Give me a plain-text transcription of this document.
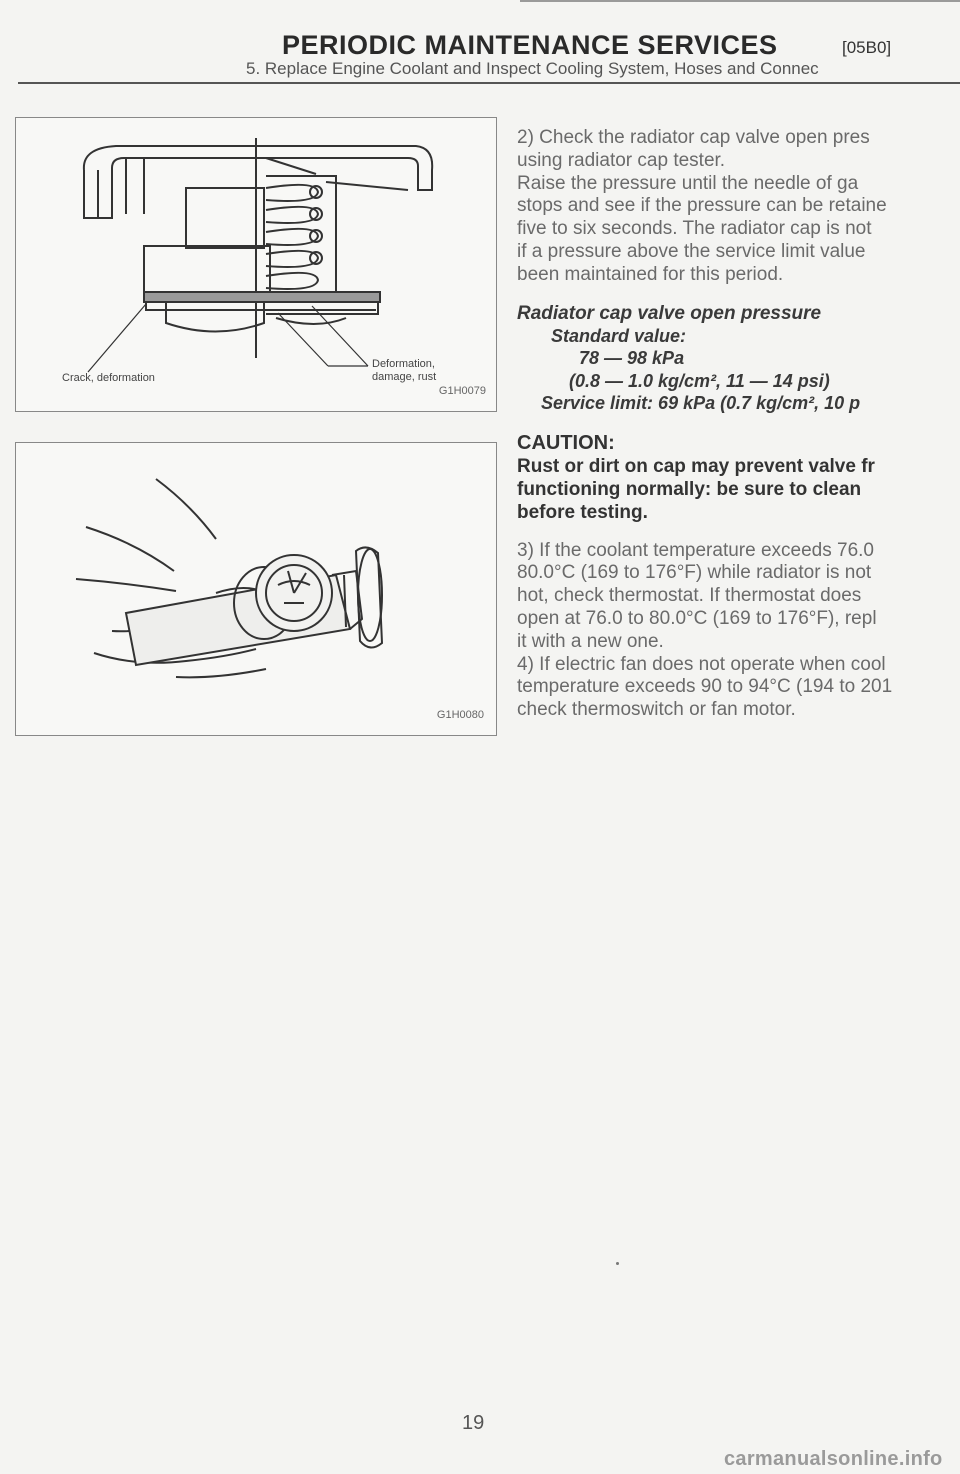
PERIODIC MAINTENANCE SERVICES	[05B0]
5. Replace Engine Coolant and Inspect Cooling System, Hoses and Connec
Crack, deformation
Deformation,
damage, rust
G1H0079
G1H0080

2) Check the radiator cap valve open pres

using radiator cap tester.

Raise the pressure until the needle of ga

stops and see if the pressure can be retaine

five to six seconds. The radiator cap is not

if a pressure above the service limit value

been maintained for this period.

Radiator cap valve open pressure

Standard value:

78 — 98 kPa

(0.8 — 1.0 kg/cm², 11 — 14 psi)

Service limit: 69 kPa (0.7 kg/cm², 10 p

CAUTION:

Rust or dirt on cap may prevent valve fr

functioning normally: be sure to clean

before testing.

3) If the coolant temperature exceeds 76.0

80.0°C (169 to 176°F) while radiator is not

hot, check thermostat. If thermostat does

open at 76.0 to 80.0°C (169 to 176°F), repl

it with a new one.

4) If electric fan does not operate when cool

temperature exceeds 90 to 94°C (194 to 201

check thermoswitch or fan motor.

19
carmanualsonline.info
